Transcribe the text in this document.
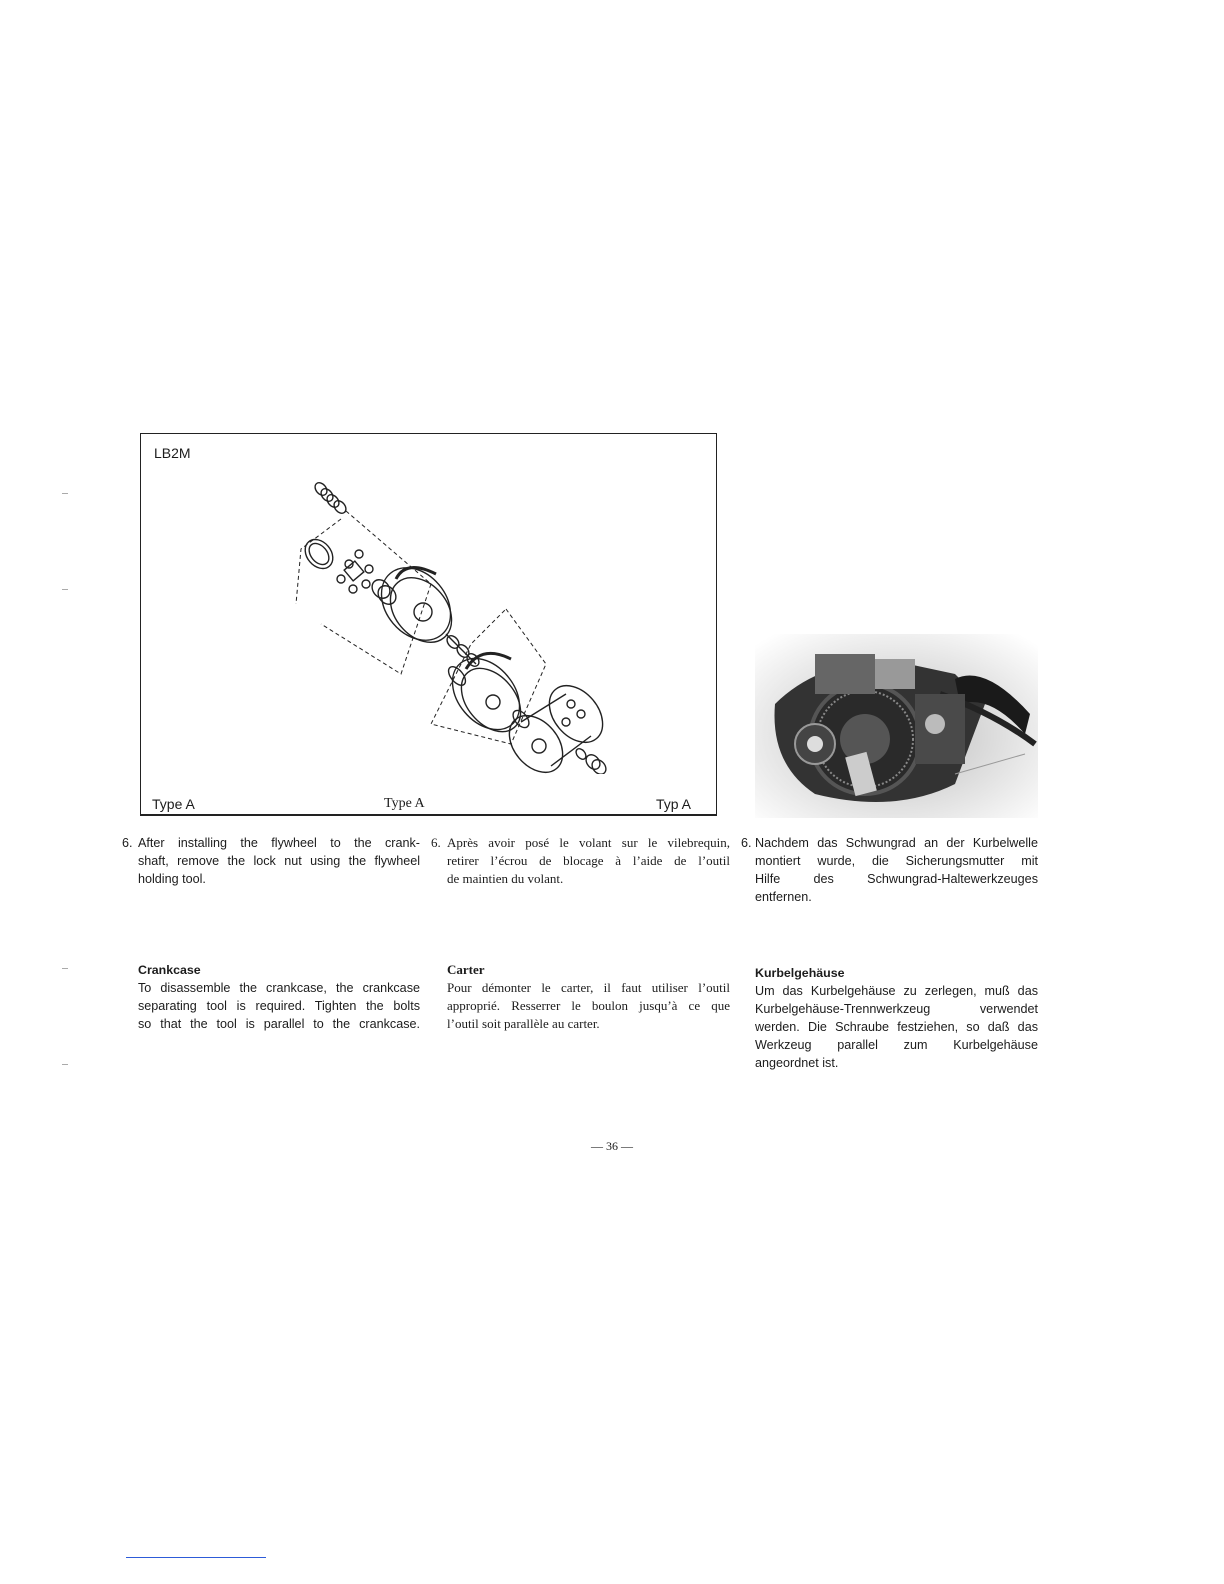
LB2M
Type A	Type A	Typ A
6. After installing the flywheel to the crank-
shaft, remove the lock nut using the flywheel
holding tool.
6. Après avoir posé le volant sur le vilebrequin,
retirer l’écrou de blocage à l’aide de l’outil
de maintien du volant.
6. Nachdem das Schwungrad an der Kurbelwelle
montiert wurde, die Sicherungsmutter mit
Hilfe des Schwungrad-Haltewerkzeuges
entfernen.
Crankcase
To disassemble the crankcase, the crankcase
separating tool is required. Tighten the bolts
so that the tool is parallel to the crankcase.
Carter
Pour démonter le carter, il faut utiliser l’outil
approprié. Resserrer le boulon jusqu’à ce que
l’outil soit parallèle au carter.
Kurbelgehäuse
Um das Kurbelgehäuse zu zerlegen, muß das
Kurbelgehäuse-Trennwerkzeug verwendet
werden. Die Schraube festziehen, so daß das
Werkzeug parallel zum Kurbelgehäuse
angeordnet ist.
— 36 —
